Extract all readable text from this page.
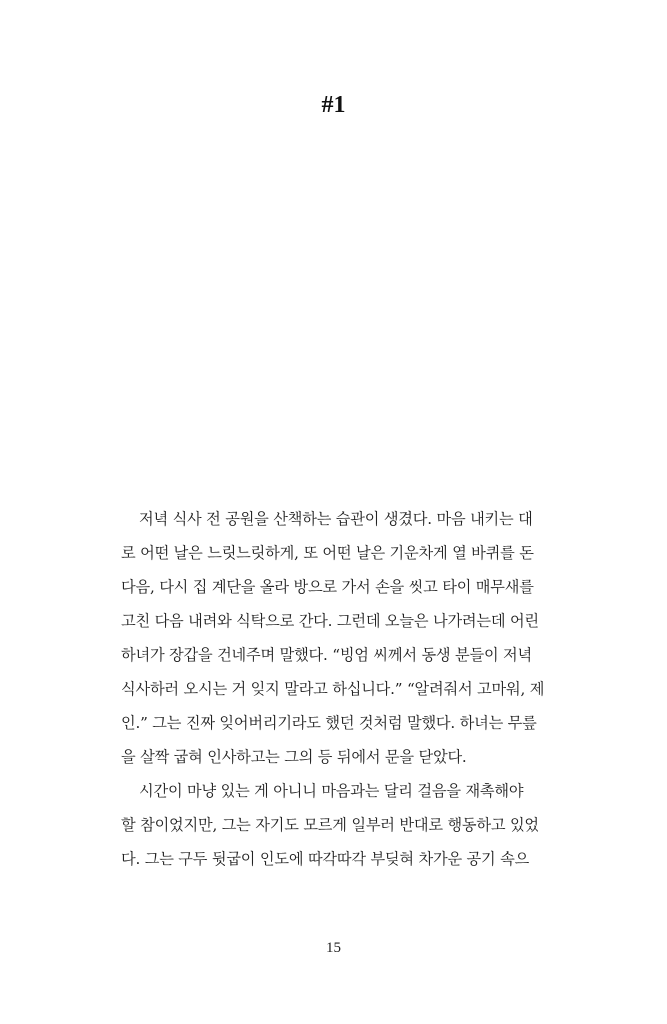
#1
저녁 식사 전 공원을 산책하는 습관이 생겼다. 마음 내키는 대
로 어떤 날은 느릿느릿하게, 또 어떤 날은 기운차게 열 바퀴를 돈
다음, 다시 집 계단을 올라 방으로 가서 손을 씻고 타이 매무새를
고친 다음 내려와 식탁으로 간다. 그런데 오늘은 나가려는데 어린
하녀가 장갑을 건네주며 말했다. “빙엄 씨께서 동생 분들이 저녁
식사하러 오시는 거 잊지 말라고 하십니다.” “알려줘서 고마워, 제
인.” 그는 진짜 잊어버리기라도 했던 것처럼 말했다. 하녀는 무릎
을 살짝 굽혀 인사하고는 그의 등 뒤에서 문을 닫았다.
시간이 마냥 있는 게 아니니 마음과는 달리 걸음을 재촉해야
할 참이었지만, 그는 자기도 모르게 일부러 반대로 행동하고 있었
다. 그는 구두 뒷굽이 인도에 따각따각 부딪혀 차가운 공기 속으
15
